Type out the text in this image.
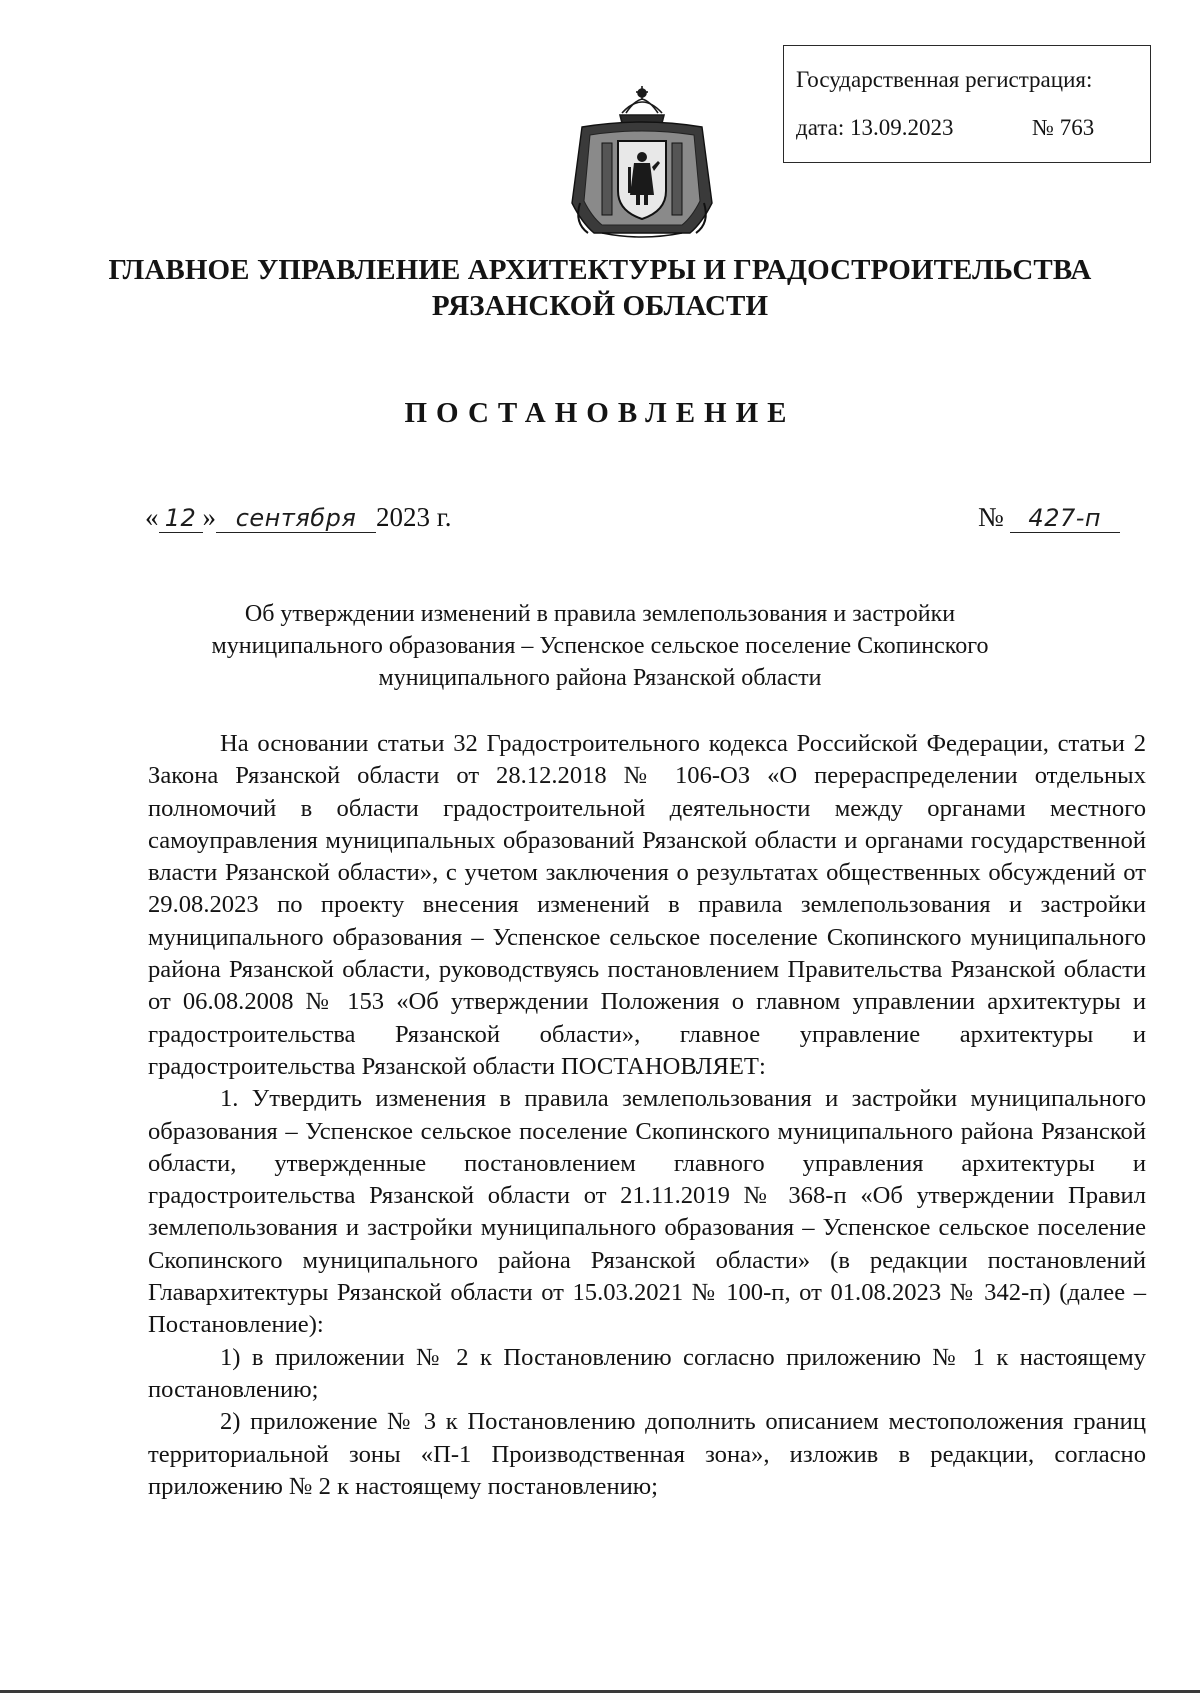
Государственная регистрация:
дата: 13.09.2023	№ 763
ГЛАВНОЕ УПРАВЛЕНИЕ АРХИТЕКТУРЫ И ГРАДОСТРОИТЕЛЬСТВА
РЯЗАНСКОЙ ОБЛАСТИ
ПОСТАНОВЛЕНИЕ
« 12 » сентября 2023 г.	№ 427-п
Об утверждении изменений в правила землепользования и застройки
муниципального образования – Успенское сельское поселение Скопинского
муниципального района Рязанской области

На основании статьи 32 Градостроительного кодекса Российской Федерации, статьи 2 Закона Рязанской области от 28.12.2018 № 106-ОЗ «О перераспределении отдельных полномочий в области градостроительной деятельности между органами местного самоуправления муниципальных образований Рязанской области и органами государственной власти Рязанской области», с учетом заключения о результатах общественных обсуждений от 29.08.2023 по проекту внесения изменений в правила землепользования и застройки муниципального образования – Успенское сельское поселение Скопинского муниципального района Рязанской области, руководствуясь постановлением Правительства Рязанской области от 06.08.2008 № 153 «Об утверждении Положения о главном управлении архитектуры и градостроительства Рязанской области», главное управление архитектуры и градостроительства Рязанской области ПОСТАНОВЛЯЕТ:

1. Утвердить изменения в правила землепользования и застройки муниципального образования – Успенское сельское поселение Скопинского муниципального района Рязанской области, утвержденные постановлением главного управления архитектуры и градостроительства Рязанской области от 21.11.2019 № 368-п «Об утверждении Правил землепользования и застройки муниципального образования – Успенское сельское поселение Скопинского муниципального района Рязанской области» (в редакции постановлений Главархитектуры Рязанской области от 15.03.2021 № 100-п, от 01.08.2023 № 342-п) (далее – Постановление):

1) в приложении № 2 к Постановлению согласно приложению № 1 к настоящему постановлению;

2) приложение № 3 к Постановлению дополнить описанием местоположения границ территориальной зоны «П-1 Производственная зона», изложив в редакции, согласно приложению № 2 к настоящему постановлению;
